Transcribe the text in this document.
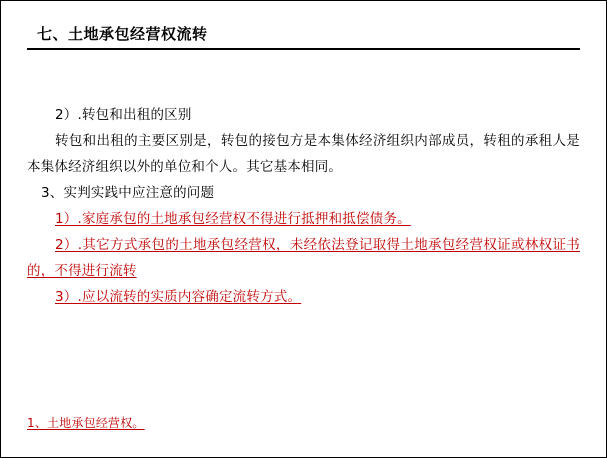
七、土地承包经营权流转

2）.转包和出租的区别

转包和出租的主要区别是，转包的接包方是本集体经济组织内部成员，转租的承租人是本集体经济组织以外的单位和个人。其它基本相同。

3、实判实践中应注意的问题

1）.家庭承包的土地承包经营权不得进行抵押和抵偿债务。

2）.其它方式承包的土地承包经营权，未经依法登记取得土地承包经营权证或林权证书的，不得进行流转

3）.应以流转的实质内容确定流转方式。

1、土地承包经营权。
